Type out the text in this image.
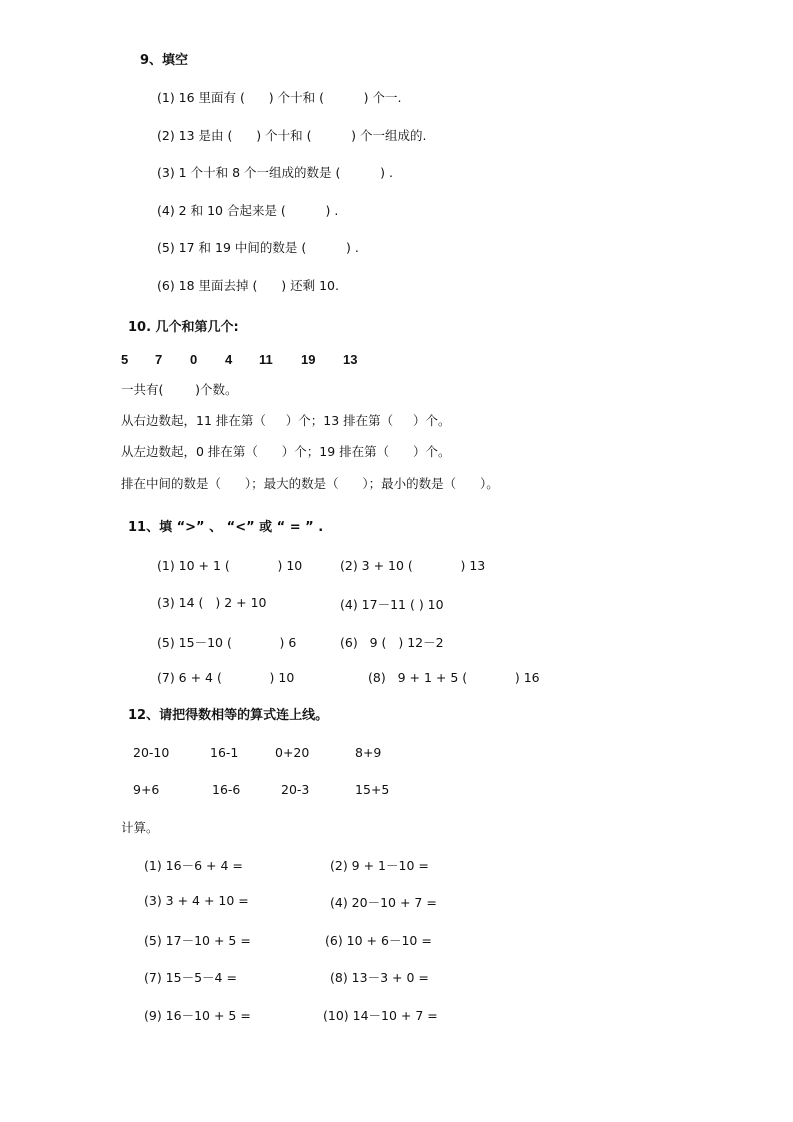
9、填空
(1) 16 里面有 (      ) 个十和 (          ) 个一.
(2) 13 是由 (      ) 个十和 (          ) 个一组成的.
(3) 1 个十和 8 个一组成的数是 (          ) .
(4) 2 和 10 合起来是 (          ) .
(5) 17 和 19 中间的数是 (          ) .
(6) 18 里面去掉 (      ) 还剩 10.
10. 几个和第几个:
5 7 0 4 11 19 13
一共有(        )个数。
从右边数起，11 排在第（     ）个；13 排在第（     ）个。
从左边数起，0 排在第（      ）个；19 排在第（      ）个。
排在中间的数是（      ）；最大的数是（      ）；最小的数是（      ）。
11、填 “>” 、 “<” 或 “ = ” .
(1) 10 + 1 (            ) 10	(2) 3 + 10 (            ) 13
(3) 14 (   ) 2 + 10	(4) 17－11 ( ) 10
(5) 15－10 (            ) 6	(6)   9 (   ) 12－2
(7) 6 + 4 (            ) 10	(8)   9 + 1 + 5 (            ) 16
12、请把得数相等的算式连上线。
20-10	16-1	0+20	8+9
9+6	16-6	20-3	15+5
计算。
(1) 16－6 + 4 =	(2) 9 + 1－10 =
(3) 3 + 4 + 10 =	(4) 20－10 + 7 =
(5) 17－10 + 5 =	(6) 10 + 6－10 =
(7) 15－5－4 =	(8) 13－3 + 0 =
(9) 16－10 + 5 =	(10) 14－10 + 7 =
